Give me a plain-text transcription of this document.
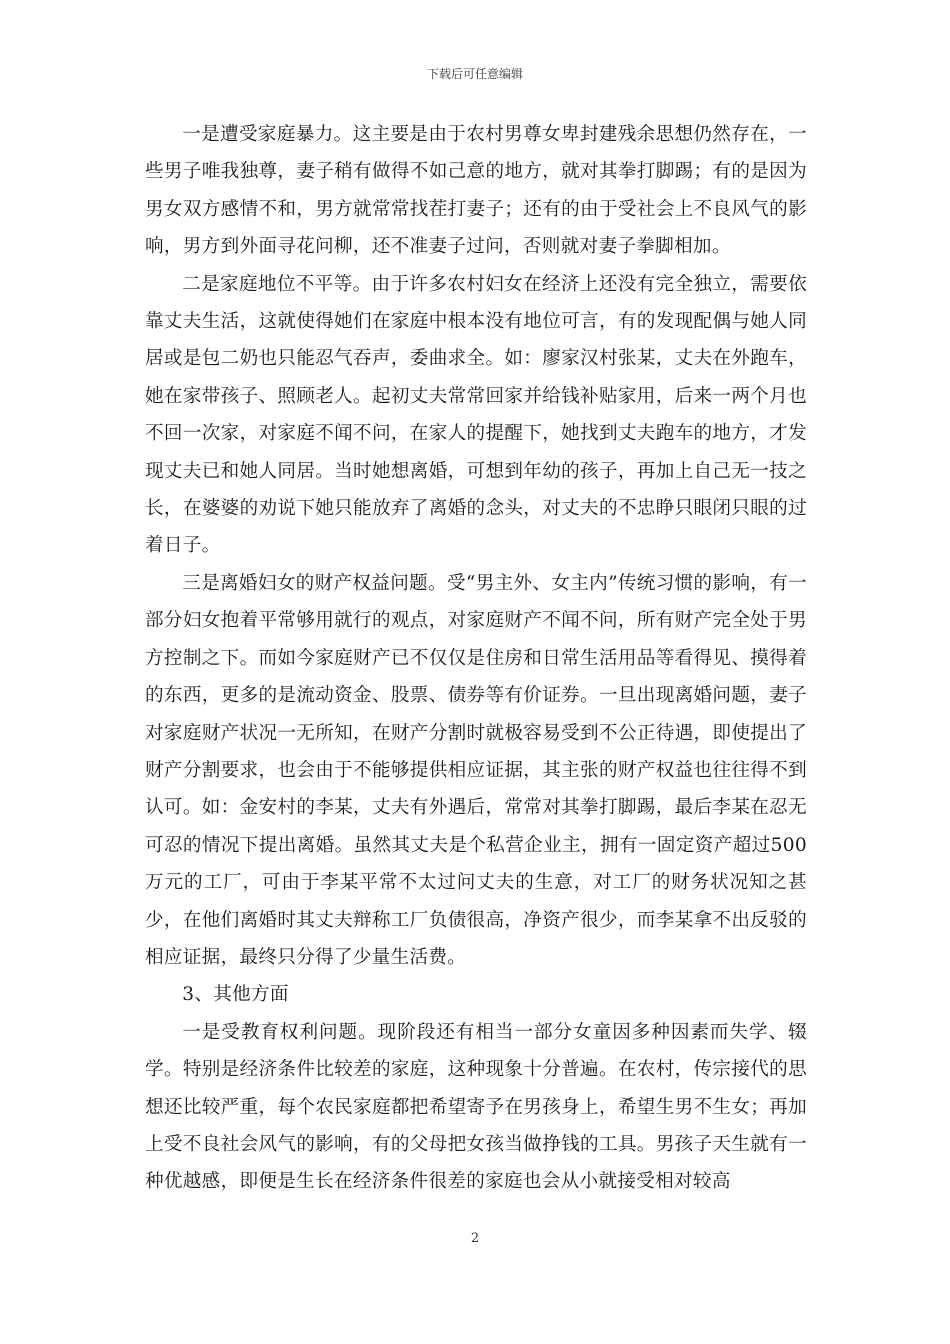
下载后可任意编辑

一是遭受家庭暴力。这主要是由于农村男尊女卑封建残余思想仍然存在，一些男子唯我独尊，妻子稍有做得不如己意的地方，就对其拳打脚踢；有的是因为男女双方感情不和，男方就常常找茬打妻子；还有的由于受社会上不良风气的影响，男方到外面寻花问柳，还不准妻子过问，否则就对妻子拳脚相加。

二是家庭地位不平等。由于许多农村妇女在经济上还没有完全独立，需要依靠丈夫生活，这就使得她们在家庭中根本没有地位可言，有的发现配偶与她人同居或是包二奶也只能忍气吞声，委曲求全。如：廖家汉村张某，丈夫在外跑车，她在家带孩子、照顾老人。起初丈夫常常回家并给钱补贴家用，后来一两个月也不回一次家，对家庭不闻不问，在家人的提醒下，她找到丈夫跑车的地方，才发现丈夫已和她人同居。当时她想离婚，可想到年幼的孩子，再加上自己无一技之长，在婆婆的劝说下她只能放弃了离婚的念头，对丈夫的不忠睁只眼闭只眼的过着日子。

三是离婚妇女的财产权益问题。受“男主外、女主内”传统习惯的影响，有一部分妇女抱着平常够用就行的观点，对家庭财产不闻不问，所有财产完全处于男方控制之下。而如今家庭财产已不仅仅是住房和日常生活用品等看得见、摸得着的东西，更多的是流动资金、股票、债券等有价证券。一旦出现离婚问题，妻子对家庭财产状况一无所知，在财产分割时就极容易受到不公正待遇，即使提出了财产分割要求，也会由于不能够提供相应证据，其主张的财产权益也往往得不到认可。如：金安村的李某，丈夫有外遇后，常常对其拳打脚踢，最后李某在忍无可忍的情况下提出离婚。虽然其丈夫是个私营企业主，拥有一固定资产超过500万元的工厂，可由于李某平常不太过问丈夫的生意，对工厂的财务状况知之甚少，在他们离婚时其丈夫辩称工厂负债很高，净资产很少，而李某拿不出反驳的相应证据，最终只分得了少量生活费。

3、其他方面

一是受教育权利问题。现阶段还有相当一部分女童因多种因素而失学、辍学。特别是经济条件比较差的家庭，这种现象十分普遍。在农村，传宗接代的思想还比较严重，每个农民家庭都把希望寄予在男孩身上，希望生男不生女；再加上受不良社会风气的影响，有的父母把女孩当做挣钱的工具。男孩子天生就有一种优越感，即便是生长在经济条件很差的家庭也会从小就接受相对较高

2
